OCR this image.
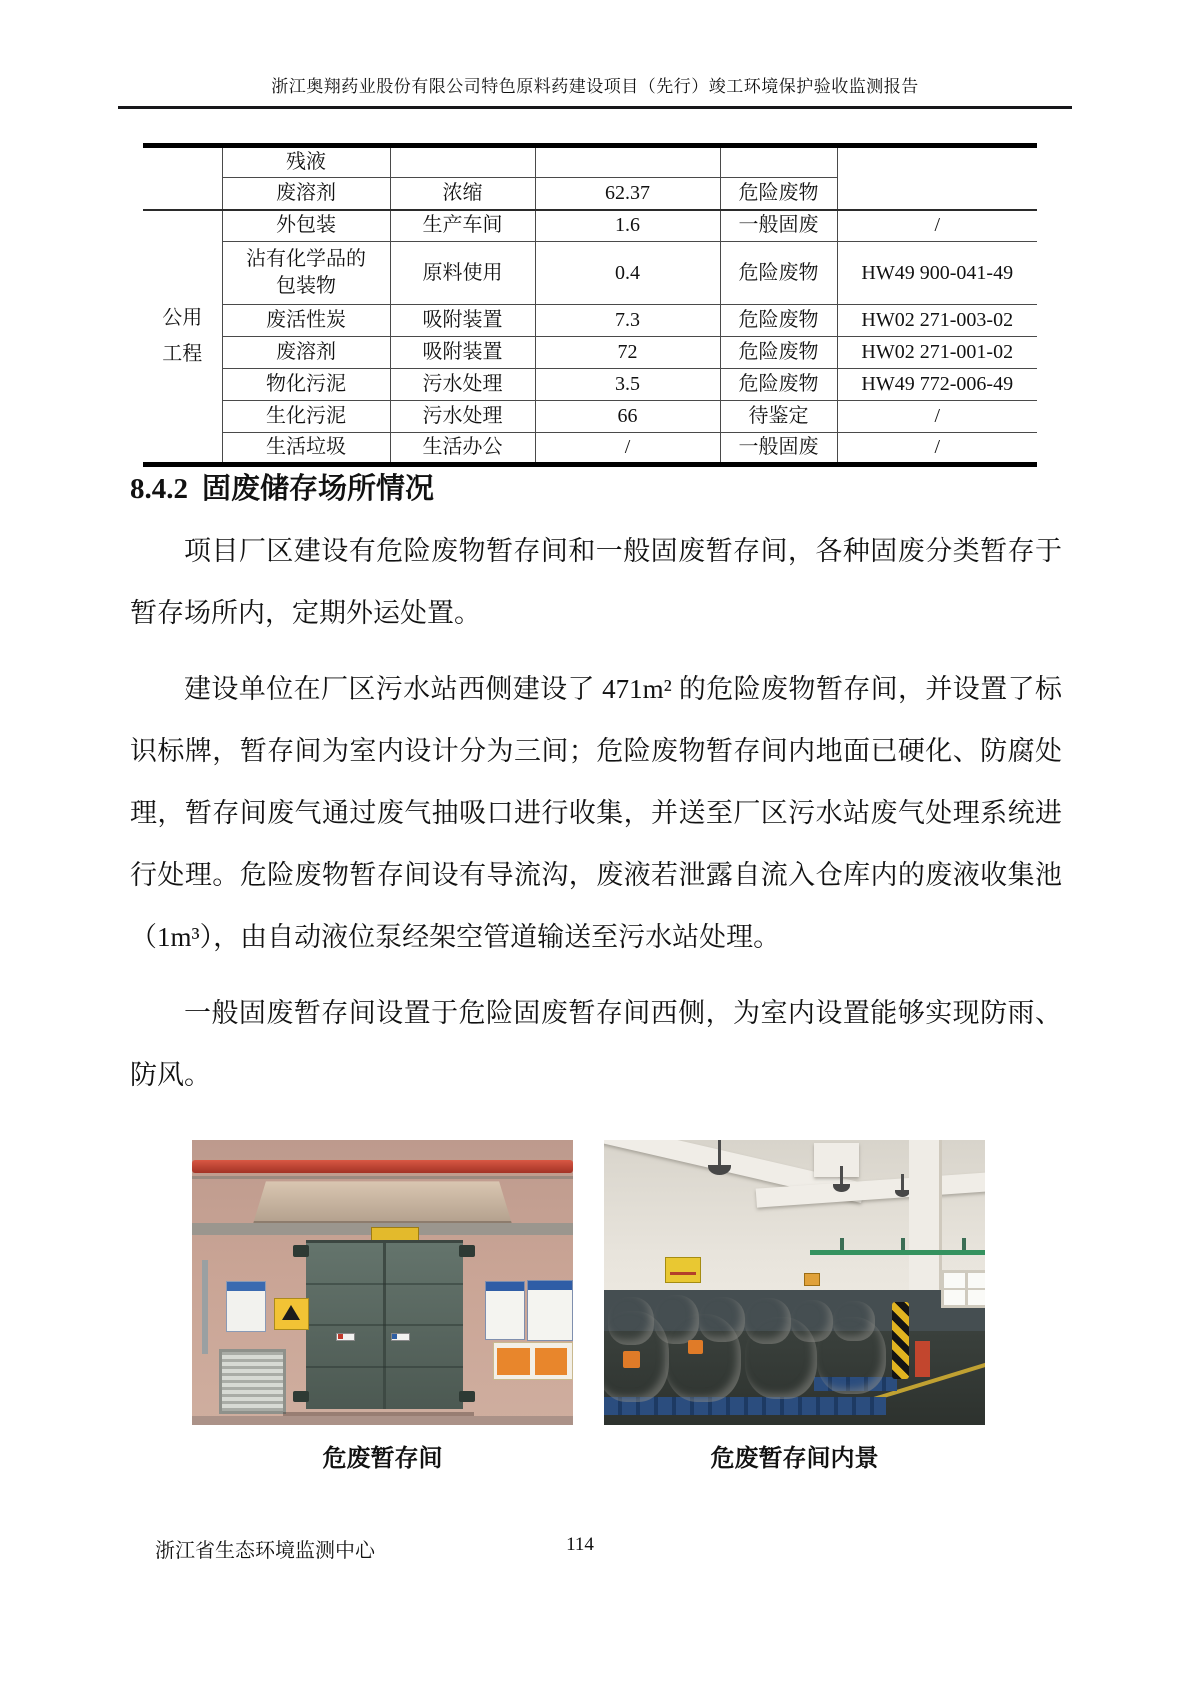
浙江奥翔药业股份有限公司特色原料药建设项目（先行）竣工环境保护验收监测报告
	残液				
	废溶剂	浓缩	62.37	危险废物	

公用
工程	外包装	生产车间	1.6	一般固废	/

	沾有化学品的包装物	原料使用	0.4	危险废物	HW49 900-041-49
	废活性炭	吸附装置	7.3	危险废物	HW02 271-003-02
	废溶剂	吸附装置	72	危险废物	HW02 271-001-02
	物化污泥	污水处理	3.5	危险废物	HW49 772-006-49
	生化污泥	污水处理	66	待鉴定	/
	生活垃圾	生活办公	/	一般固废	/
8.4.2 固废储存场所情况

项目厂区建设有危险废物暂存间和一般固废暂存间，各种固废分类暂存于暂存场所内，定期外运处置。

建设单位在厂区污水站西侧建设了 471m² 的危险废物暂存间，并设置了标识标牌，暂存间为室内设计分为三间；危险废物暂存间内地面已硬化、防腐处理，暂存间废气通过废气抽吸口进行收集，并送至厂区污水站废气处理系统进行处理。危险废物暂存间设有导流沟，废液若泄露自流入仓库内的废液收集池（1m³），由自动液位泵经架空管道输送至污水站处理。

一般固废暂存间设置于危险固废暂存间西侧，为室内设置能够实现防雨、防风。

危废暂存间	危废暂存间内景
浙江省生态环境监测中心	114
